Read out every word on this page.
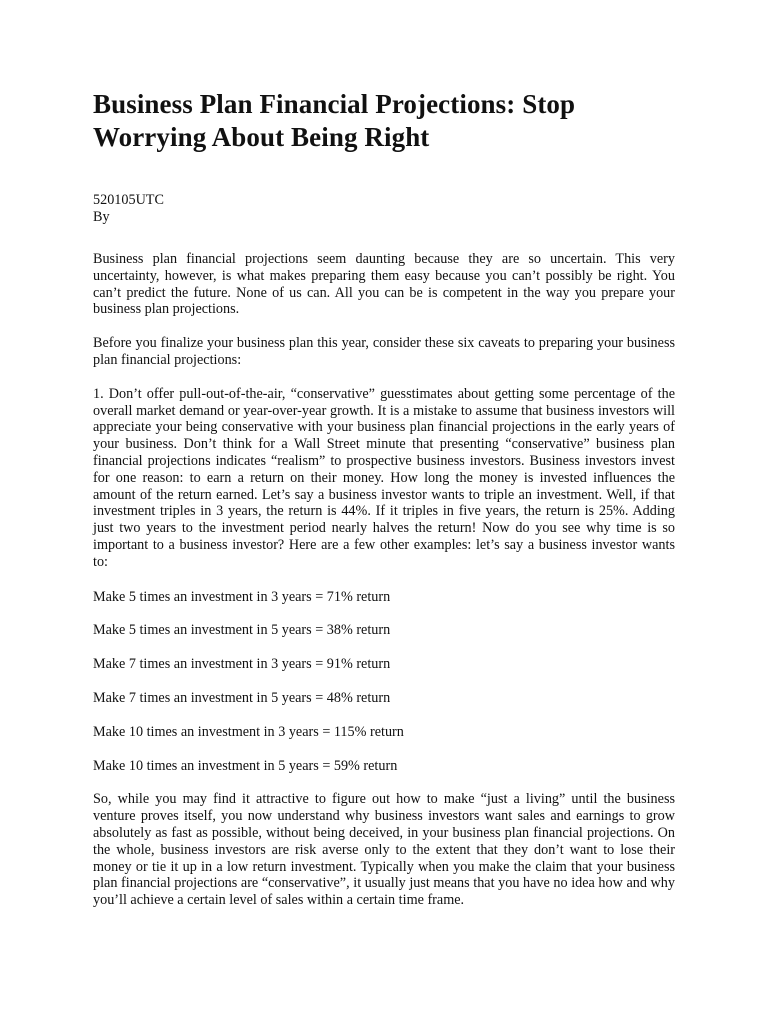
Business Plan Financial Projections: Stop
Worrying About Being Right
520105UTC
By

Business plan financial projections seem daunting because they are so uncertain. This very uncertainty, however, is what makes preparing them easy because you can’t possibly be right. You can’t predict the future. None of us can. All you can be is competent in the way you prepare your business plan projections.

Before you finalize your business plan this year, consider these six caveats to preparing your business plan financial projections:

1. Don’t offer pull-out-of-the-air, “conservative” guesstimates about getting some percentage of the overall market demand or year-over-year growth. It is a mistake to assume that business investors will appreciate your being conservative with your business plan financial projections in the early years of your business. Don’t think for a Wall Street minute that presenting “conservative” business plan financial projections indicates “realism” to prospective business investors. Business investors invest for one reason: to earn a return on their money. How long the money is invested influences the amount of the return earned. Let’s say a business investor wants to triple an investment. Well, if that investment triples in 3 years, the return is 44%. If it triples in five years, the return is 25%. Adding just two years to the investment period nearly halves the return! Now do you see why time is so important to a business investor? Here are a few other examples: let’s say a business investor wants to:

Make 5 times an investment in 3 years = 71% return
Make 5 times an investment in 5 years = 38% return
Make 7 times an investment in 3 years = 91% return
Make 7 times an investment in 5 years = 48% return
Make 10 times an investment in 3 years = 115% return
Make 10 times an investment in 5 years = 59% return

So, while you may find it attractive to figure out how to make “just a living” until the business venture proves itself, you now understand why business investors want sales and earnings to grow absolutely as fast as possible, without being deceived, in your business plan financial projections. On the whole, business investors are risk averse only to the extent that they don’t want to lose their money or tie it up in a low return investment. Typically when you make the claim that your business plan financial projections are “conservative”, it usually just means that you have no idea how and why you’ll achieve a certain level of sales within a certain time frame.
